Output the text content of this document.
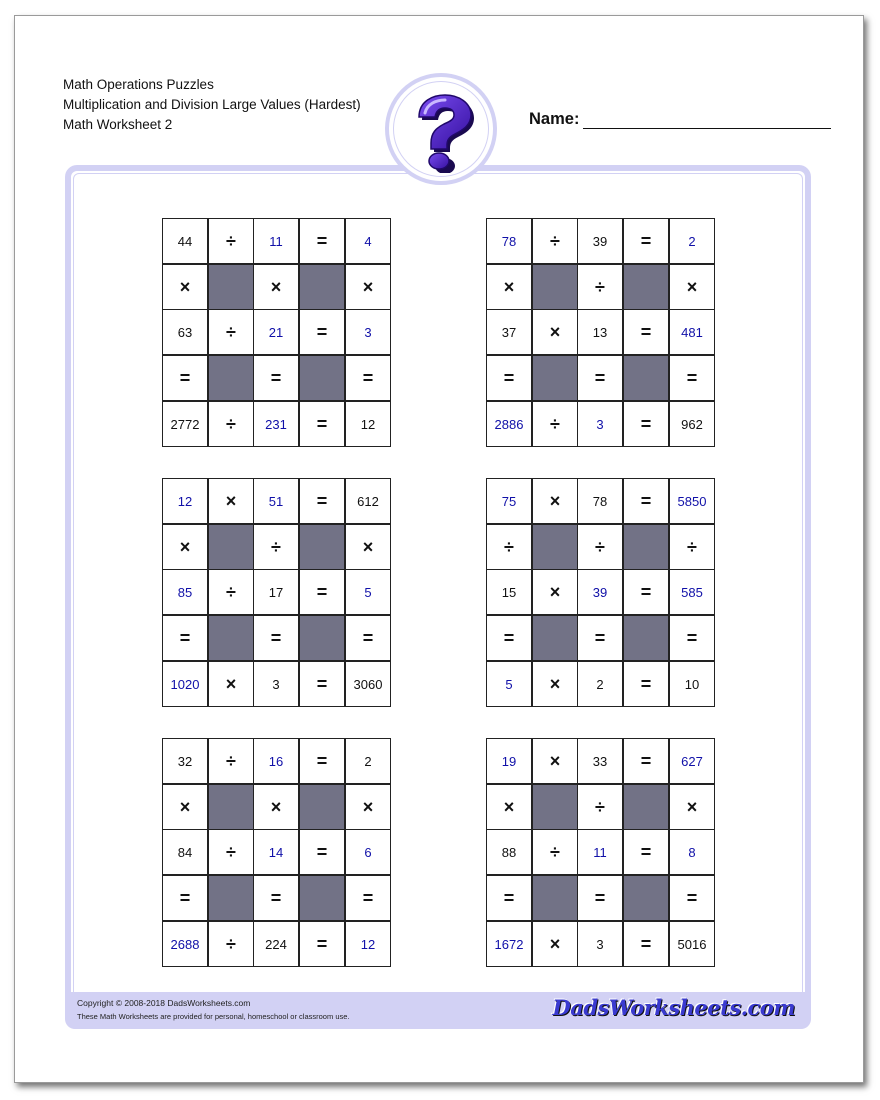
Math Operations Puzzles
Multiplication and Division Large Values (Hardest)
Math Worksheet 2	Name:
44	÷	11	=	4
×	×	×
63	÷	21	=	3
=	=	=
2772	÷	231	=	12
78	÷	39	=	2
×	÷	×
37	×	13	=	481
=	=	=
2886	÷	3	=	962
12	×	51	=	612
×	÷	×
85	÷	17	=	5
=	=	=
1020	×	3	=	3060
75	×	78	=	5850
÷	÷	÷
15	×	39	=	585
=	=	=
5	×	2	=	10
32	÷	16	=	2
×	×	×
84	÷	14	=	6
=	=	=
2688	÷	224	=	12
19	×	33	=	627
×	÷	×
88	÷	11	=	8
=	=	=
1672	×	3	=	5016
Copyright © 2008-2018 DadsWorksheets.com
These Math Worksheets are provided for personal, homeschool or classroom use.	DadsWorksheets.com
